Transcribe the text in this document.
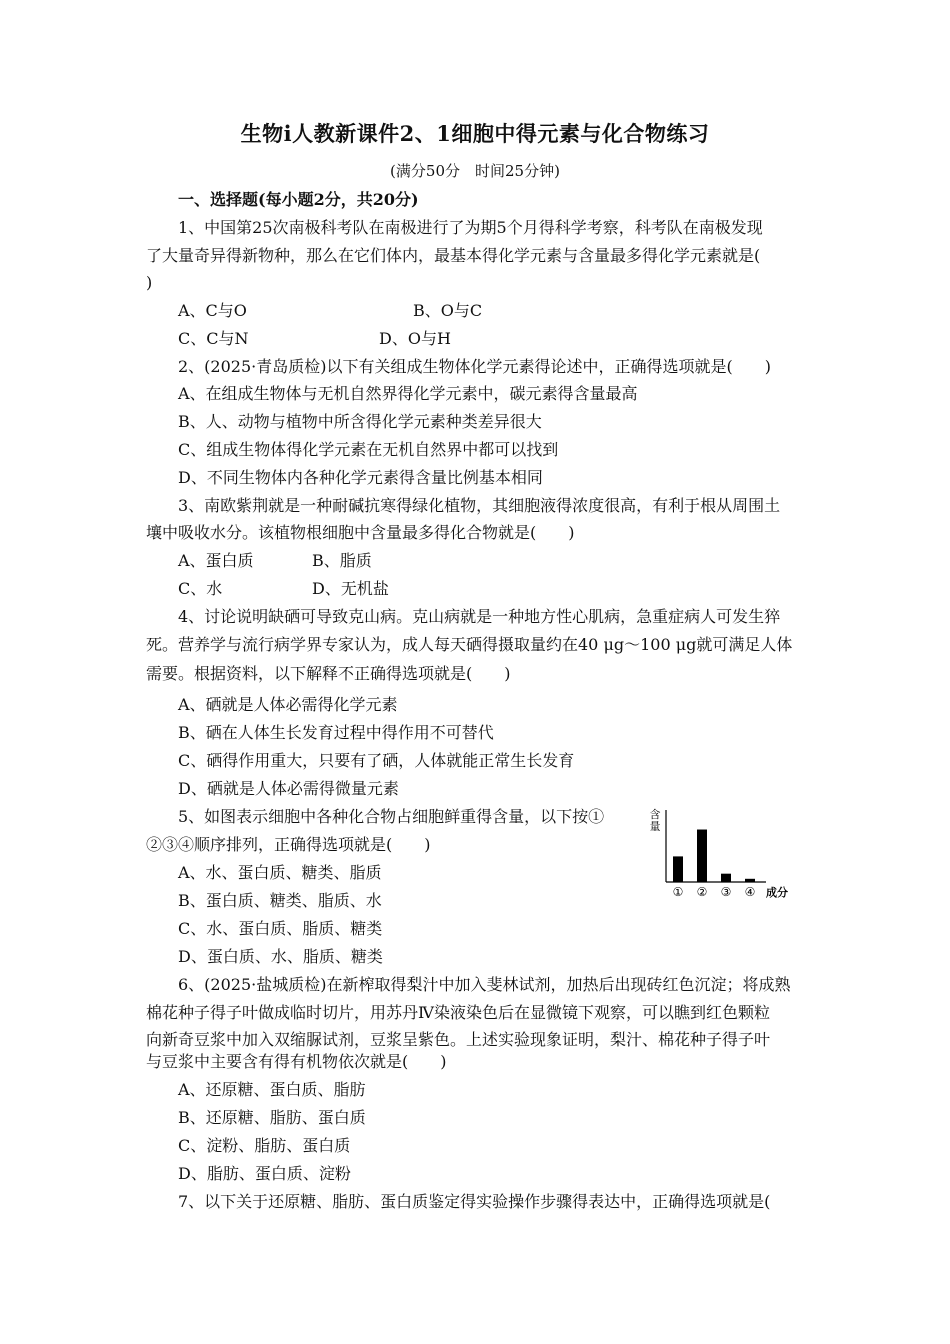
生物ⅰ人教新课件2、1细胞中得元素与化合物练习
(满分50分　时间25分钟)
一、选择题(每小题2分，共20分)
1、中国第25次南极科考队在南极进行了为期5个月得科学考察，科考队在南极发现
了大量奇异得新物种，那么在它们体内，最基本得化学元素与含量最多得化学元素就是(
)
A、C与O	B、O与C
C、C与N	D、O与H
2、(2025·青岛质检)以下有关组成生物体化学元素得论述中，正确得选项就是(　　)
A、在组成生物体与无机自然界得化学元素中，碳元素得含量最高
B、人、动物与植物中所含得化学元素种类差异很大
C、组成生物体得化学元素在无机自然界中都可以找到
D、不同生物体内各种化学元素得含量比例基本相同
3、南欧紫荆就是一种耐碱抗寒得绿化植物，其细胞液得浓度很高，有利于根从周围土
壤中吸收水分。该植物根细胞中含量最多得化合物就是(　　)
A、蛋白质	B、脂质
C、水	D、无机盐
4、讨论说明缺硒可导致克山病。克山病就是一种地方性心肌病，急重症病人可发生猝
死。营养学与流行病学界专家认为，成人每天硒得摄取量约在40 μg～100 μg就可满足人体
需要。根据资料，以下解释不正确得选项就是(　　)
A、硒就是人体必需得化学元素
B、硒在人体生长发育过程中得作用不可替代
C、硒得作用重大，只要有了硒，人体就能正常生长发育
D、硒就是人体必需得微量元素
5、如图表示细胞中各种化合物占细胞鲜重得含量，以下按①
②③④顺序排列，正确得选项就是(　　)
A、水、蛋白质、糖类、脂质
B、蛋白质、糖类、脂质、水
C、水、蛋白质、脂质、糖类
D、蛋白质、水、脂质、糖类
含
量
① ② ③ ④ 成分
6、(2025·盐城质检)在新榨取得梨汁中加入斐林试剂，加热后出现砖红色沉淀；将成熟
棉花种子得子叶做成临时切片，用苏丹Ⅳ染液染色后在显微镜下观察，可以瞧到红色颗粒
向新奇豆浆中加入双缩脲试剂，豆浆呈紫色。上述实验现象证明，梨汁、棉花种子得子叶
与豆浆中主要含有得有机物依次就是(　　)
A、还原糖、蛋白质、脂肪
B、还原糖、脂肪、蛋白质
C、淀粉、脂肪、蛋白质
D、脂肪、蛋白质、淀粉
7、以下关于还原糖、脂肪、蛋白质鉴定得实验操作步骤得表达中，正确得选项就是(
